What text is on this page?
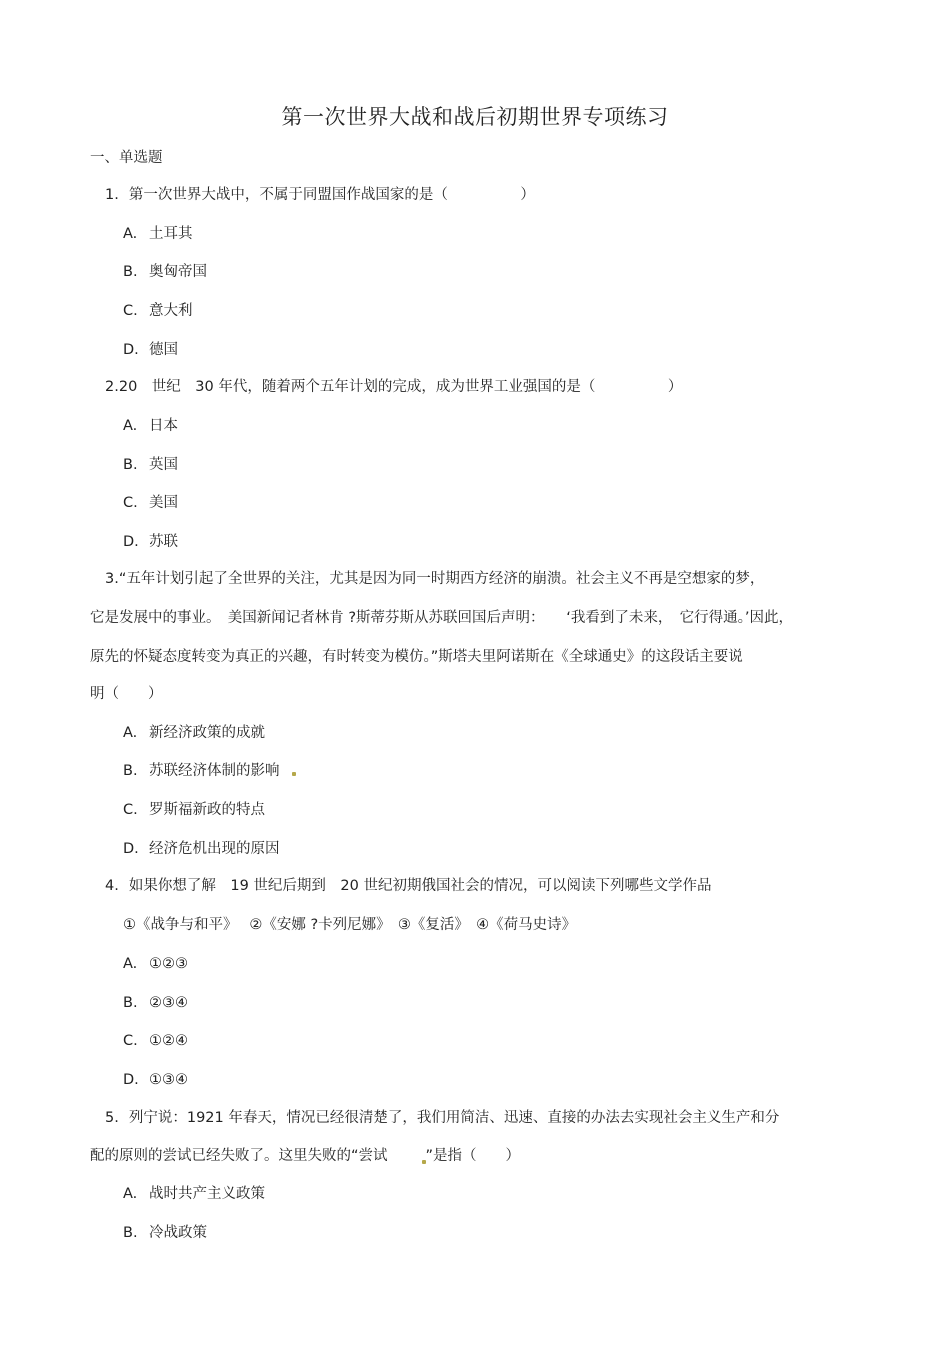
第一次世界大战和战后初期世界专项练习
一、单选题
1. 第一次世界大战中，不属于同盟国作战国家的是（　　　　　）
A. 土耳其
B. 奥匈帝国
C. 意大利
D. 德国
2.20　世纪　30 年代，随着两个五年计划的完成，成为世界工业强国的是（　　　　　）
A. 日本
B. 英国
C. 美国
D. 苏联
3.“五年计划引起了全世界的关注，尤其是因为同一时期西方经济的崩溃。社会主义不再是空想家的梦，
它是发展中的事业。　美国新闻记者林肯 ?斯蒂芬斯从苏联回国后声明：　　‘我看到了未来，　它行得通。’因此，
原先的怀疑态度转变为真正的兴趣，有时转变为模仿。”斯塔夫里阿诺斯在《全球通史》的这段话主要说
明（　　）
A. 新经济政策的成就
B. 苏联经济体制的影响
C. 罗斯福新政的特点
D. 经济危机出现的原因
4. 如果你想了解　19 世纪后期到　20 世纪初期俄国社会的情况，可以阅读下列哪些文学作品
①《战争与和平》　 ②《安娜 ?卡列尼娜》　③《复活》　④《荷马史诗》
A. ①②③
B. ②③④
C. ①②④
D. ①③④
5. 列宁说：1921 年春天，情况已经很清楚了，我们用简洁、迅速、直接的办法去实现社会主义生产和分
配的原则的尝试已经失败了。这里失败的“尝试	”是指（　　）
A. 战时共产主义政策
B. 冷战政策
